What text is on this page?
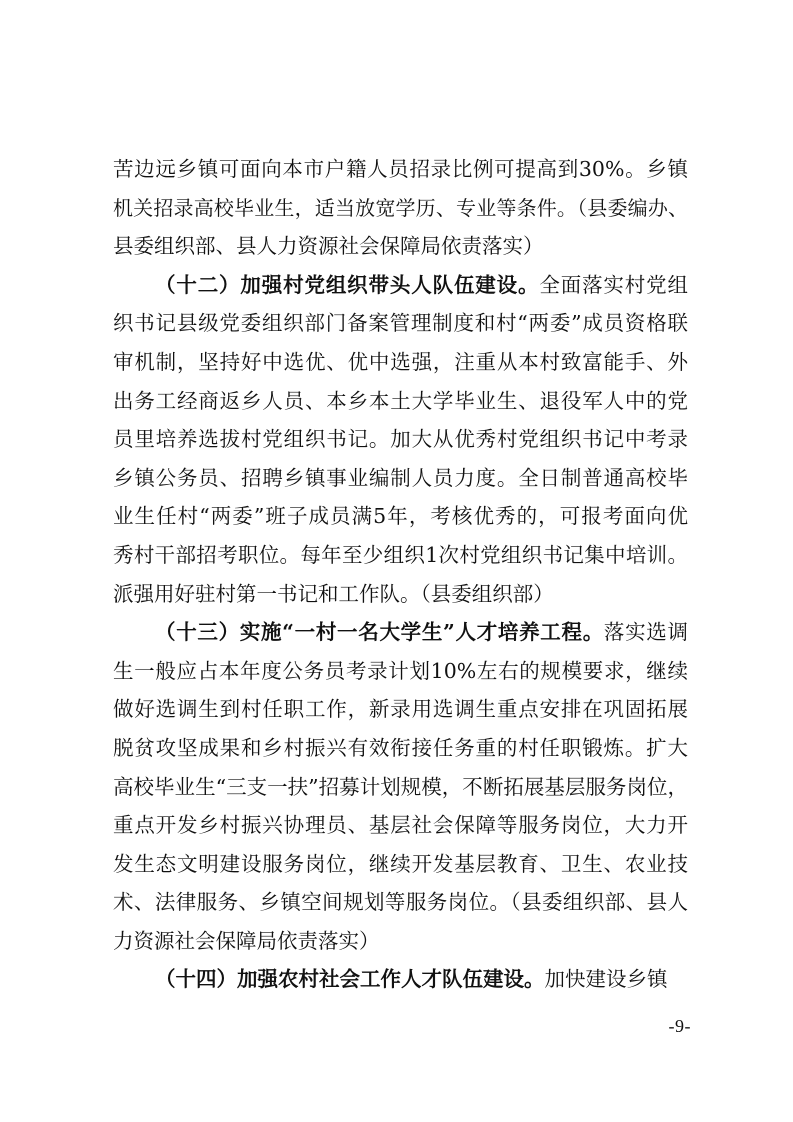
苦边远乡镇可面向本市户籍人员招录比例可提高到30%。乡镇
机关招录高校毕业生，适当放宽学历、专业等条件。（县委编办、
县委组织部、县人力资源社会保障局依责落实）
（十二）加强村党组织带头人队伍建设。全面落实村党组
织书记县级党委组织部门备案管理制度和村“两委”成员资格联
审机制，坚持好中选优、优中选强，注重从本村致富能手、外
出务工经商返乡人员、本乡本土大学毕业生、退役军人中的党
员里培养选拔村党组织书记。加大从优秀村党组织书记中考录
乡镇公务员、招聘乡镇事业编制人员力度。全日制普通高校毕
业生任村“两委”班子成员满5年，考核优秀的，可报考面向优
秀村干部招考职位。每年至少组织1次村党组织书记集中培训。
派强用好驻村第一书记和工作队。（县委组织部）
（十三）实施“一村一名大学生”人才培养工程。落实选调
生一般应占本年度公务员考录计划10%左右的规模要求，继续
做好选调生到村任职工作，新录用选调生重点安排在巩固拓展
脱贫攻坚成果和乡村振兴有效衔接任务重的村任职锻炼。扩大
高校毕业生“三支一扶”招募计划规模，不断拓展基层服务岗位，
重点开发乡村振兴协理员、基层社会保障等服务岗位，大力开
发生态文明建设服务岗位，继续开发基层教育、卫生、农业技
术、法律服务、乡镇空间规划等服务岗位。（县委组织部、县人
力资源社会保障局依责落实）
（十四）加强农村社会工作人才队伍建设。加快建设乡镇
-9-
